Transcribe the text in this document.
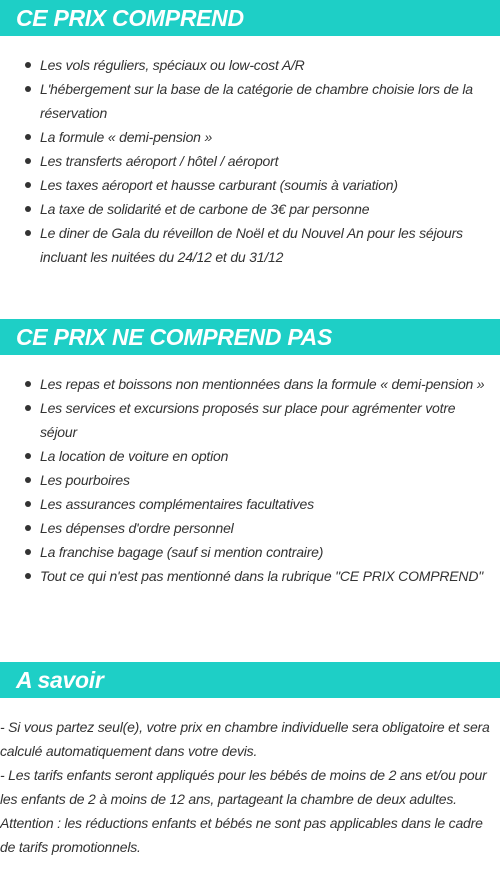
CE PRIX COMPREND
Les vols réguliers, spéciaux ou low-cost A/R
L'hébergement sur la base de la catégorie de chambre choisie lors de la réservation
La formule « demi-pension »
Les transferts aéroport / hôtel / aéroport
Les taxes aéroport et hausse carburant (soumis à variation)
La taxe de solidarité et de carbone de 3€ par personne
Le diner de Gala du réveillon de Noël et du Nouvel An pour les séjours incluant les nuitées du 24/12 et du 31/12
CE PRIX NE COMPREND PAS
Les repas et boissons non mentionnées dans la formule « demi-pension »
Les services et excursions proposés sur place pour agrémenter votre séjour
La location de voiture en option
Les pourboires
Les assurances complémentaires facultatives
Les dépenses d'ordre personnel
La franchise bagage (sauf si mention contraire)
Tout ce qui n'est pas mentionné dans la rubrique "CE PRIX COMPREND"
A savoir

- Si vous partez seul(e), votre prix en chambre individuelle sera obligatoire et sera calculé automatiquement dans votre devis.

- Les tarifs enfants seront appliqués pour les bébés de moins de 2 ans et/ou pour les enfants de 2 à moins de 12 ans, partageant la chambre de deux adultes.

Attention : les réductions enfants et bébés ne sont pas applicables dans le cadre de tarifs promotionnels.
